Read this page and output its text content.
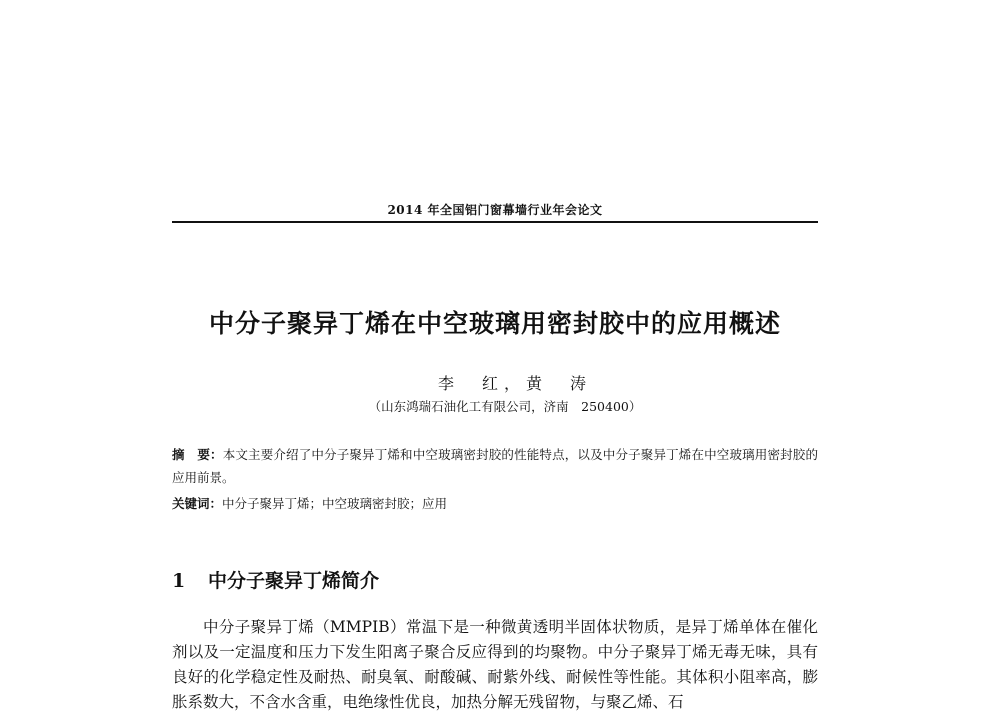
2014 年全国铝门窗幕墙行业年会论文
中分子聚异丁烯在中空玻璃用密封胶中的应用概述
李　红，黄　涛
（山东鸿瑞石油化工有限公司，济南　250400）
摘　要：本文主要介绍了中分子聚异丁烯和中空玻璃密封胶的性能特点，以及中分子聚异丁烯在中空玻璃用密封胶的应用前景。
关键词：中分子聚异丁烯；中空玻璃密封胶；应用
1 中分子聚异丁烯简介
中分子聚异丁烯（MMPIB）常温下是一种微黄透明半固体状物质，是异丁烯单体在催化剂以及一定温度和压力下发生阳离子聚合反应得到的均聚物。中分子聚异丁烯无毒无味，具有良好的化学稳定性及耐热、耐臭氧、耐酸碱、耐紫外线、耐候性等性能。其体积小阻率高，膨胀系数大，不含水含重，电绝缘性优良，加热分解无残留物，与聚乙烯、石
